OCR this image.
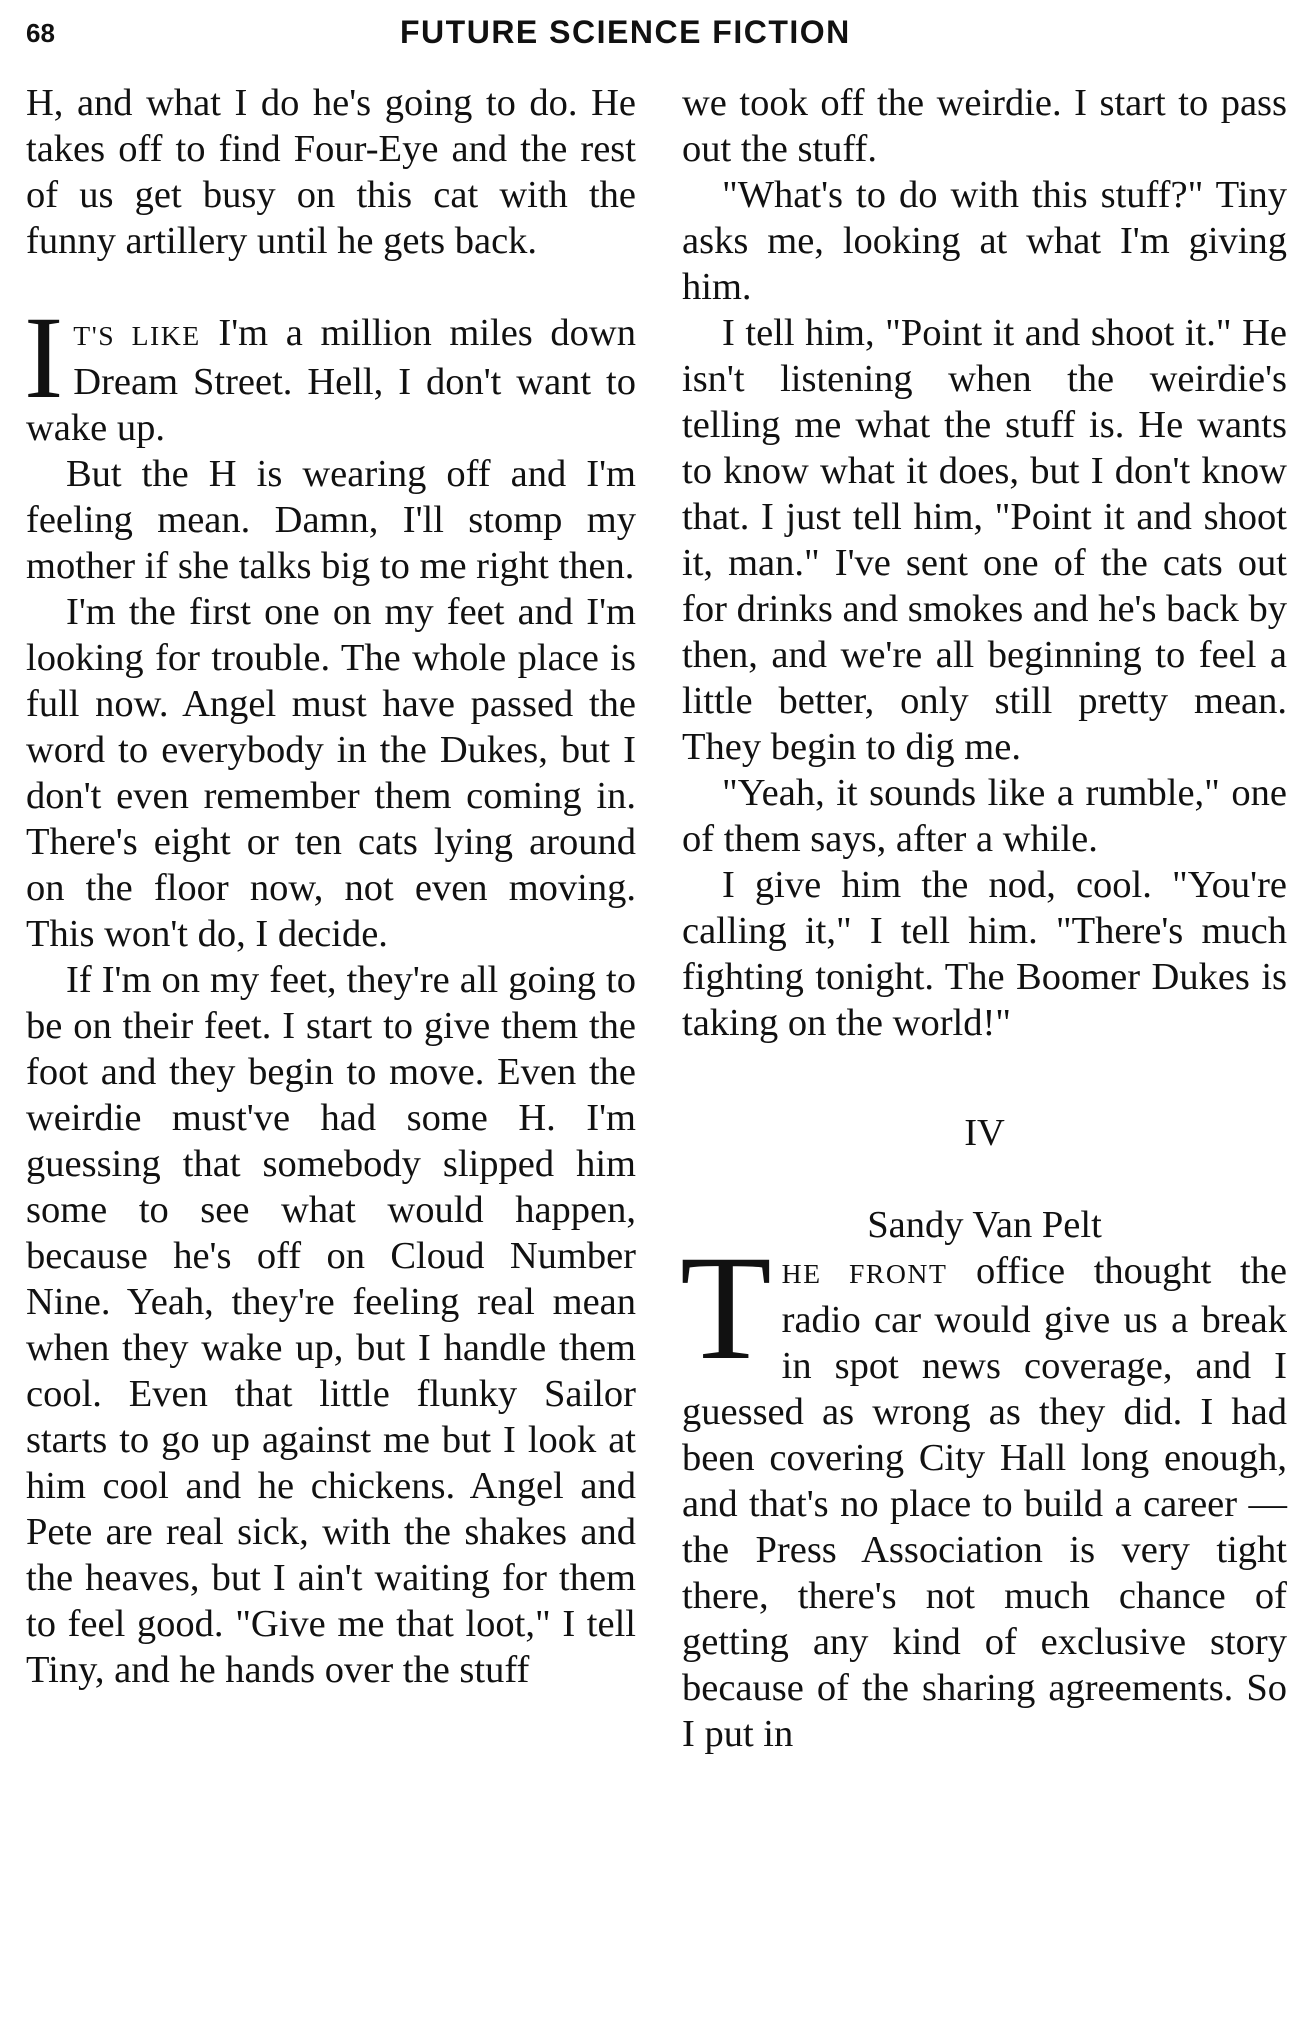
68	FUTURE SCIENCE FICTION

H, and what I do he's going to do. He takes off to find Four-Eye and the rest of us get busy on this cat with the funny artillery until he gets back.

I T'S LIKE I'm a million miles down Dream Street. Hell, I don't want to wake up.

But the H is wearing off and I'm feeling mean. Damn, I'll stomp my mother if she talks big to me right then.

I'm the first one on my feet and I'm looking for trouble. The whole place is full now. Angel must have passed the word to everybody in the Dukes, but I don't even remember them coming in. There's eight or ten cats lying around on the floor now, not even moving. This won't do, I decide.

If I'm on my feet, they're all going to be on their feet. I start to give them the foot and they begin to move. Even the weirdie must've had some H. I'm guessing that somebody slipped him some to see what would happen, because he's off on Cloud Number Nine. Yeah, they're feeling real mean when they wake up, but I handle them cool. Even that little flunky Sailor starts to go up against me but I look at him cool and he chickens. Angel and Pete are real sick, with the shakes and the heaves, but I ain't waiting for them to feel good. "Give me that loot," I tell Tiny, and he hands over the stuff

we took off the weirdie. I start to pass out the stuff.

"What's to do with this stuff?" Tiny asks me, looking at what I'm giving him.

I tell him, "Point it and shoot it." He isn't listening when the weirdie's telling me what the stuff is. He wants to know what it does, but I don't know that. I just tell him, "Point it and shoot it, man." I've sent one of the cats out for drinks and smokes and he's back by then, and we're all beginning to feel a little better, only still pretty mean. They begin to dig me.

"Yeah, it sounds like a rumble," one of them says, after a while.

I give him the nod, cool. "You're calling it," I tell him. "There's much fighting tonight. The Boomer Dukes is taking on the world!"

IV
Sandy Van Pelt

THE FRONT office thought the radio car would give us a break in spot news coverage, and I guessed as wrong as they did. I had been covering City Hall long enough, and that's no place to build a career —the Press Association is very tight there, there's not much chance of getting any kind of exclusive story because of the sharing agreements. So I put in
